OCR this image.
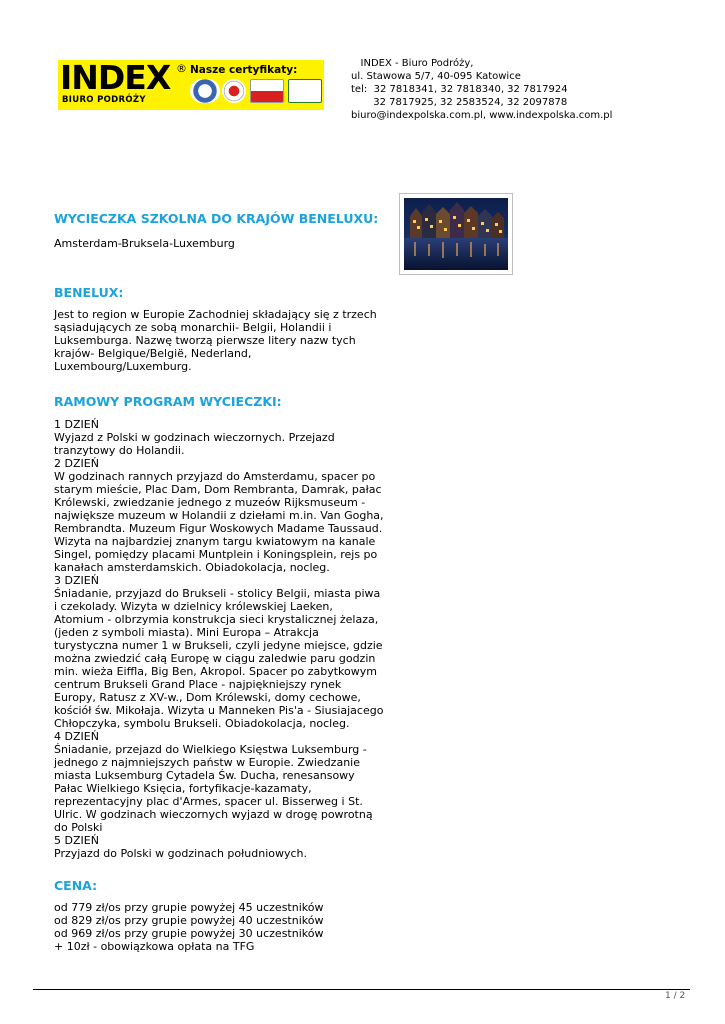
INDEX ®
BIURO PODRÓŻY
Nasze certyfikaty:
INDEX - Biuro Podróży,
ul. Stawowa 5/7, 40-095 Katowice
tel:  32 7818341, 32 7818340, 32 7817924
32 7817925, 32 2583524, 32 2097878
biuro@indexpolska.com.pl, www.indexpolska.com.pl
WYCIECZKA SZKOLNA DO KRAJÓW BENELUXU:
Amsterdam-Bruksela-Luxemburg
BENELUX:
Jest to region w Europie Zachodniej składający się z trzech sąsiadujących ze sobą monarchii- Belgii, Holandii i Luksemburga. Nazwę tworzą pierwsze litery nazw tych krajów- Belgique/België, Nederland, Luxembourg/Luxemburg.
RAMOWY PROGRAM WYCIECZKI:
1 DZIEŃ
Wyjazd z Polski w godzinach wieczornych. Przejazd tranzytowy do Holandii.
2 DZIEŃ
W godzinach rannych przyjazd do Amsterdamu, spacer po starym mieście, Plac Dam, Dom Rembranta, Damrak, pałac Królewski, zwiedzanie jednego z muzeów Rijksmuseum - największe muzeum w Holandii z dziełami m.in. Van Gogha, Rembrandta. Muzeum Figur Woskowych Madame Taussaud. Wizyta na najbardziej znanym targu kwiatowym na kanale Singel, pomiędzy placami Muntplein i Koningsplein, rejs po kanałach amsterdamskich. Obiadokolacja, nocleg.
3 DZIEŃ
Śniadanie, przyjazd do Brukseli - stolicy Belgii, miasta piwa i czekolady. Wizyta w dzielnicy królewskiej Laeken, Atomium - olbrzymia konstrukcja sieci krystalicznej żelaza, (jeden z symboli miasta). Mini Europa – Atrakcja turystyczna numer 1 w Brukseli, czyli jedyne miejsce, gdzie można zwiedzić całą Europę w ciągu zaledwie paru godzin min. wieża Eiffla, Big Ben, Akropol. Spacer po zabytkowym centrum Brukseli Grand Place - najpiękniejszy rynek Europy, Ratusz z XV-w., Dom Królewski, domy cechowe, kościół św. Mikołaja. Wizyta u Manneken Pis'a - Siusiajacego Chłopczyka, symbolu Brukseli. Obiadokolacja, nocleg.
4 DZIEŃ
Śniadanie, przejazd do Wielkiego Księstwa Luksemburg - jednego z najmniejszych państw w Europie. Zwiedzanie miasta Luksemburg Cytadela Św. Ducha, renesansowy Pałac Wielkiego Księcia, fortyfikacje-kazamaty, reprezentacyjny plac d'Armes, spacer ul. Bisserweg i St. Ulric. W godzinach wieczornych wyjazd w drogę powrotną do Polski
5 DZIEŃ
Przyjazd do Polski w godzinach południowych.
CENA:
od 779 zł/os przy grupie powyżej 45 uczestników
od 829 zł/os przy grupie powyżej 40 uczestników
od 969 zł/os przy grupie powyżej 30 uczestników
+ 10zł - obowiązkowa opłata na TFG
1 / 2
